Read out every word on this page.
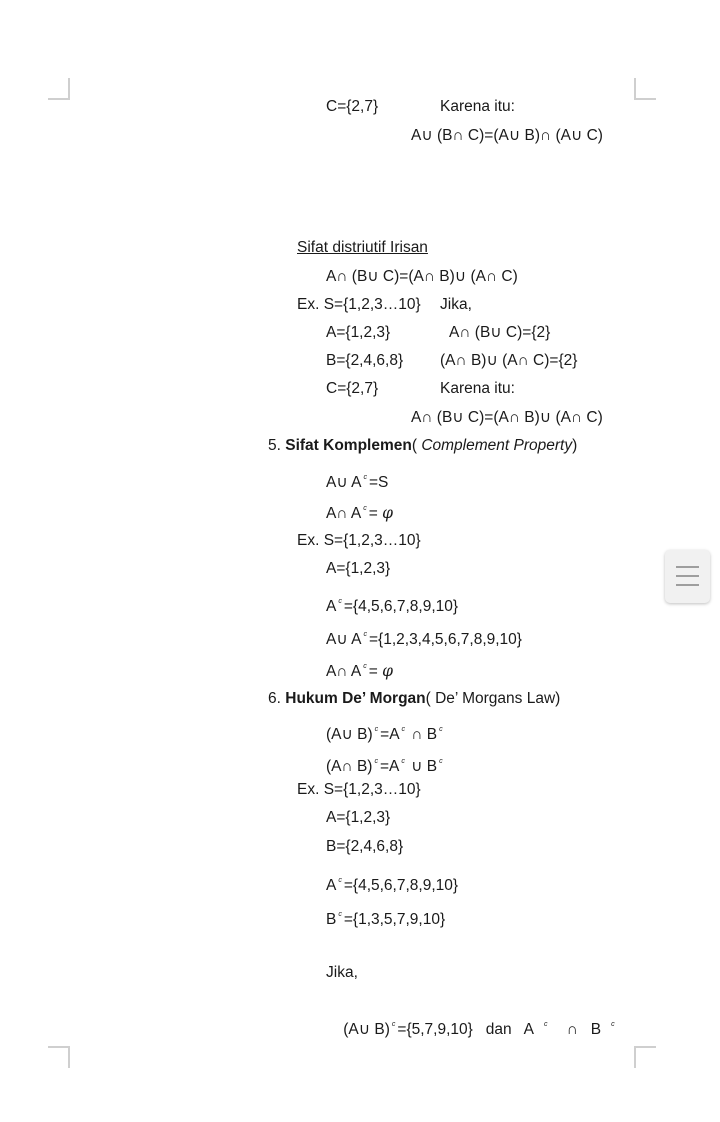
C={2,7}	Karena itu:
A∪ (B∩ C)=(A∪ B)∩ (A∪ C)
Sifat distriutif Irisan
A∩ (B∪ C)=(A∩ B)∪ (A∩ C)
Ex. S={1,2,3…10} Jika,
A={1,2,3}	A∩ (B∪ C)={2}
B={2,4,6,8} (A∩ B)∪ (A∩ C)={2}
C={2,7}	Karena itu:
A∩ (B∪ C)=(A∩ B)∪ (A∩ C)
5. Sifat Komplemen( Complement Property)
A∪ A $^c$ =S
A∩ A $^c$ = φ
Ex. S={1,2,3…10}
A={1,2,3}
A $^c$ ={4,5,6,7,8,9,10}
A∪ A $^c$ ={1,2,3,4,5,6,7,8,9,10}
A∩ A $^c$ = φ
6. Hukum De’ Morgan( De’ Morgans Law)
(A∪ B) $^c$ =A $^c$ ∩ B $^c$
(A∩ B) $^c$ =A $^c$ ∪ B $^c$
Ex. S={1,2,3…10}
A={1,2,3}
B={2,4,6,8}
A $^c$ ={4,5,6,7,8,9,10}
B $^c$ ={1,3,5,7,9,10}
Jika,

(A∪ B) $^c$ ={5,7,9,10}   dan   A $^c$    ∩   B $^c$
